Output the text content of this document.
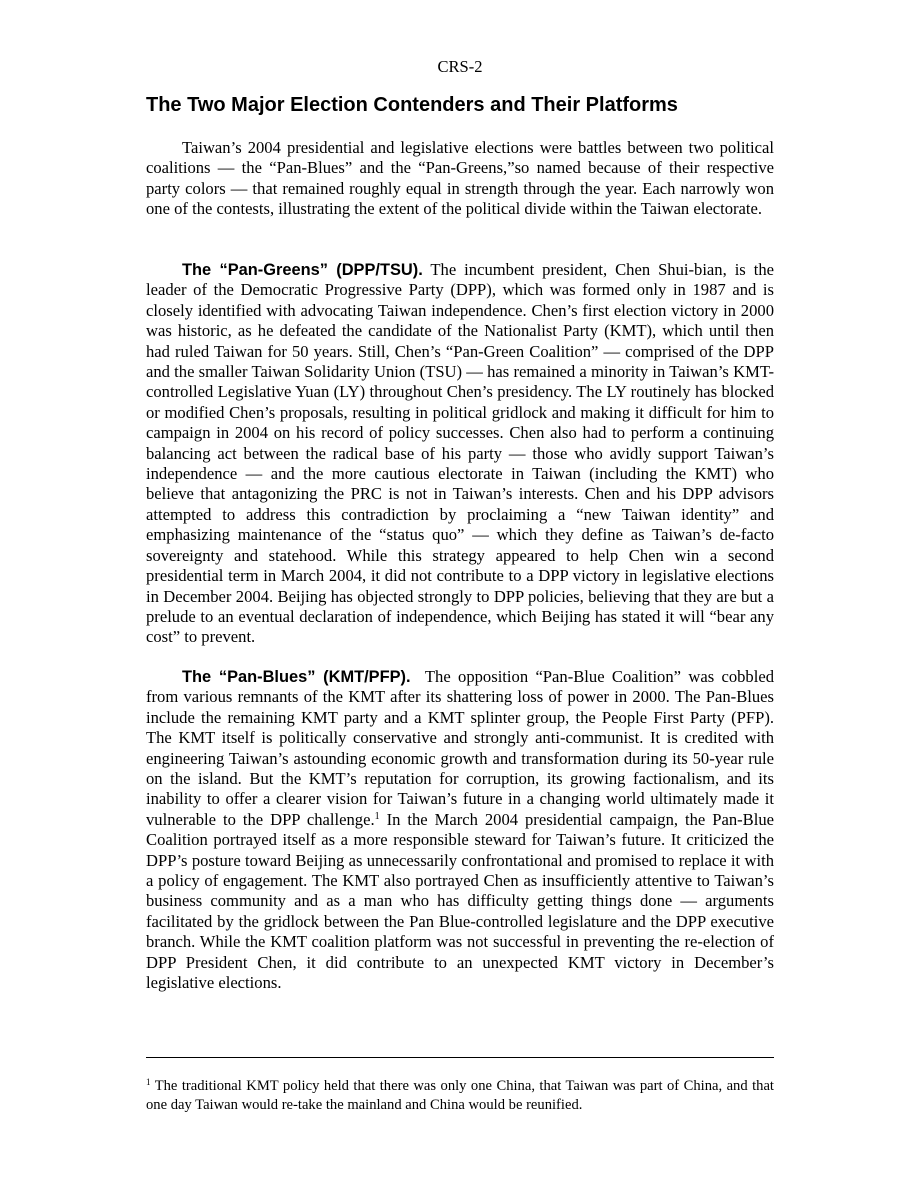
CRS-2
The Two Major Election Contenders and Their Platforms

Taiwan’s 2004 presidential and legislative elections were battles between two political coalitions — the “Pan-Blues” and the “Pan-Greens,”so named because of their respective party colors — that remained roughly equal in strength through the year. Each narrowly won one of the contests, illustrating the extent of the political divide within the Taiwan electorate.

The “Pan-Greens” (DPP/TSU). The incumbent president, Chen Shui-bian, is the leader of the Democratic Progressive Party (DPP), which was formed only in 1987 and is closely identified with advocating Taiwan independence. Chen’s first election victory in 2000 was historic, as he defeated the candidate of the Nationalist Party (KMT), which until then had ruled Taiwan for 50 years. Still, Chen’s “Pan-Green Coalition” — comprised of the DPP and the smaller Taiwan Solidarity Union (TSU) — has remained a minority in Taiwan’s KMT-controlled Legislative Yuan (LY) throughout Chen’s presidency. The LY routinely has blocked or modified Chen’s proposals, resulting in political gridlock and making it difficult for him to campaign in 2004 on his record of policy successes. Chen also had to perform a continuing balancing act between the radical base of his party — those who avidly support Taiwan’s independence — and the more cautious electorate in Taiwan (including the KMT) who believe that antagonizing the PRC is not in Taiwan’s interests. Chen and his DPP advisors attempted to address this contradiction by proclaiming a “new Taiwan identity” and emphasizing maintenance of the “status quo” — which they define as Taiwan’s de-facto sovereignty and statehood. While this strategy appeared to help Chen win a second presidential term in March 2004, it did not contribute to a DPP victory in legislative elections in December 2004. Beijing has objected strongly to DPP policies, believing that they are but a prelude to an eventual declaration of independence, which Beijing has stated it will “bear any cost” to prevent.

The “Pan-Blues” (KMT/PFP). The opposition “Pan-Blue Coalition” was cobbled from various remnants of the KMT after its shattering loss of power in 2000. The Pan-Blues include the remaining KMT party and a KMT splinter group, the People First Party (PFP). The KMT itself is politically conservative and strongly anti-communist. It is credited with engineering Taiwan’s astounding economic growth and transformation during its 50-year rule on the island. But the KMT’s reputation for corruption, its growing factionalism, and its inability to offer a clearer vision for Taiwan’s future in a changing world ultimately made it vulnerable to the DPP challenge.$^1$ In the March 2004 presidential campaign, the Pan-Blue Coalition portrayed itself as a more responsible steward for Taiwan’s future. It criticized the DPP’s posture toward Beijing as unnecessarily confrontational and promised to replace it with a policy of engagement. The KMT also portrayed Chen as insufficiently attentive to Taiwan’s business community and as a man who has difficulty getting things done — arguments facilitated by the gridlock between the Pan Blue-controlled legislature and the DPP executive branch. While the KMT coalition platform was not successful in preventing the re-election of DPP President Chen, it did contribute to an unexpected KMT victory in December’s legislative elections.

$^1$ The traditional KMT policy held that there was only one China, that Taiwan was part of China, and that one day Taiwan would re-take the mainland and China would be reunified.
